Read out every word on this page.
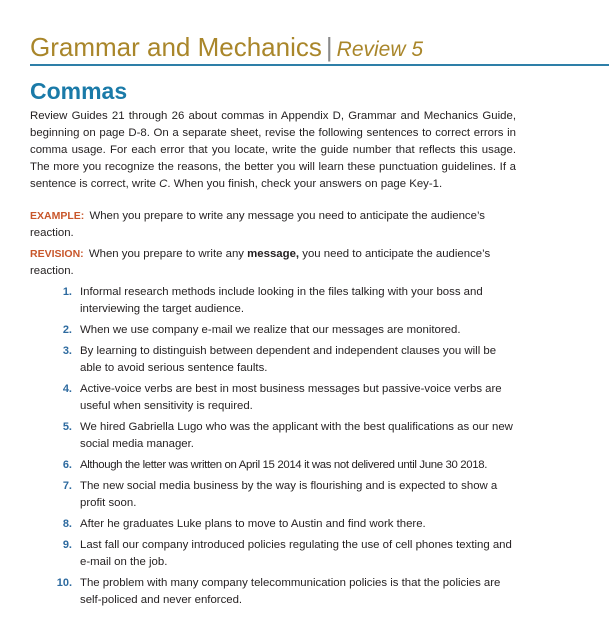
Grammar and Mechanics | Review 5
Commas

Review Guides 21 through 26 about commas in Appendix D, Grammar and Mechanics Guide, beginning on page D-8. On a separate sheet, revise the following sentences to correct errors in comma usage. For each error that you locate, write the guide number that reflects this usage. The more you recognize the reasons, the better you will learn these punctuation guidelines. If a sentence is correct, write C. When you finish, check your answers on page Key-1.

EXAMPLE: When you prepare to write any message you need to anticipate the audience’s reaction.

REVISION: When you prepare to write any message, you need to anticipate the audience’s reaction.

1. Informal research methods include looking in the files talking with your boss and interviewing the target audience.
2. When we use company e-mail we realize that our messages are monitored.
3. By learning to distinguish between dependent and independent clauses you will be able to avoid serious sentence faults.
4. Active-voice verbs are best in most business messages but passive-voice verbs are useful when sensitivity is required.
5. We hired Gabriella Lugo who was the applicant with the best qualifications as our new social media manager.
6. Although the letter was written on April 15 2014 it was not delivered until June 30 2018.
7. The new social media business by the way is flourishing and is expected to show a profit soon.
8. After he graduates Luke plans to move to Austin and find work there.
9. Last fall our company introduced policies regulating the use of cell phones texting and e-mail on the job.
10. The problem with many company telecommunication policies is that the policies are self-policed and never enforced.
